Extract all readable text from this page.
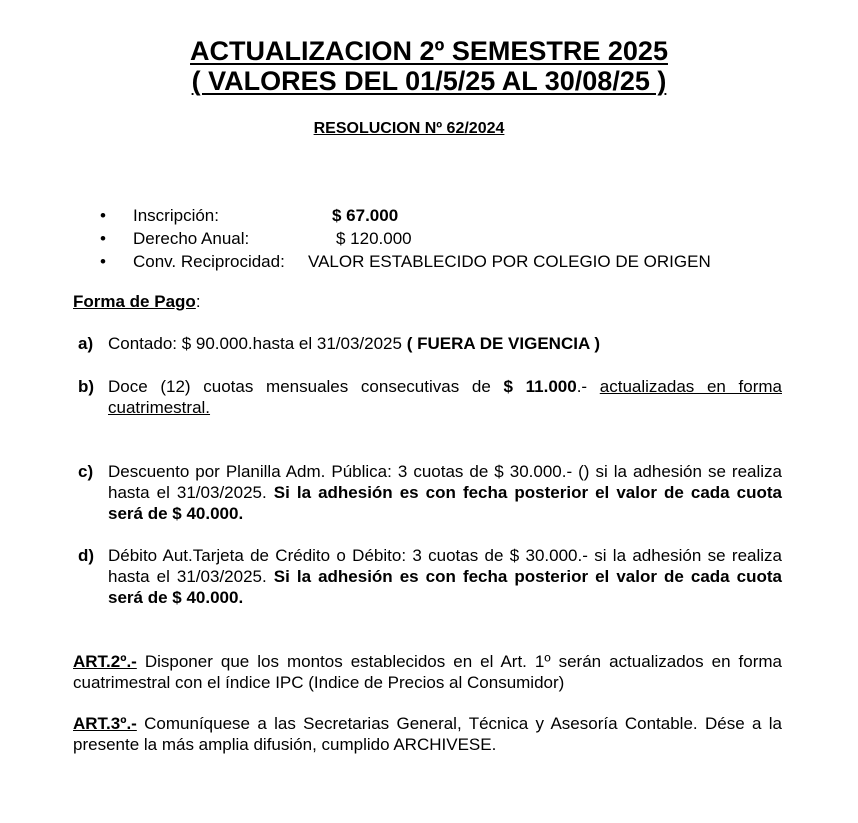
ACTUALIZACION 2º SEMESTRE 2025
( VALORES DEL 01/5/25 AL 30/08/25 )
RESOLUCION Nº 62/2024
• Inscripción:	$ 67.000
• Derecho Anual:	$ 120.000
• Conv. Reciprocidad: VALOR ESTABLECIDO POR COLEGIO DE ORIGEN
Forma de Pago:
a) Contado: $ 90.000.hasta el 31/03/2025 ( FUERA DE VIGENCIA )
b) Doce (12) cuotas mensuales consecutivas de $ 11.000.- actualizadas en forma cuatrimestral.
c) Descuento por Planilla Adm. Pública: 3 cuotas de $ 30.000.- () si la adhesión se realiza hasta el 31/03/2025. Si la adhesión es con fecha posterior el valor de cada cuota será de $ 40.000.
d) Débito Aut.Tarjeta de Crédito o Débito: 3 cuotas de $ 30.000.- si la adhesión se realiza hasta el 31/03/2025. Si la adhesión es con fecha posterior el valor de cada cuota será de $ 40.000.
ART.2º.- Disponer que los montos establecidos en el Art. 1º serán actualizados en forma cuatrimestral con el índice IPC (Indice de Precios al Consumidor)
ART.3º.- Comuníquese a las Secretarias General, Técnica y Asesoría Contable. Dése a la presente la más amplia difusión, cumplido ARCHIVESE.
